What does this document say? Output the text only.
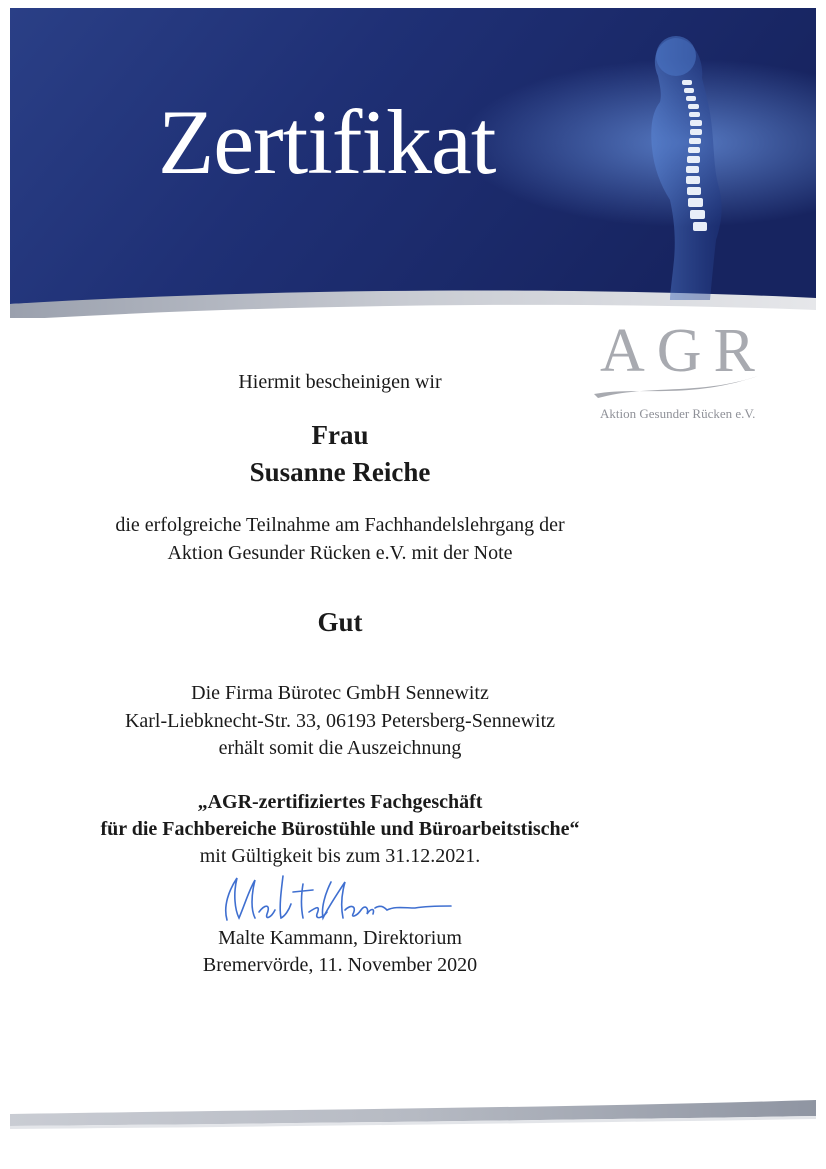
Zertifikat
AGR
Aktion Gesunder Rücken e.V.
Hiermit bescheinigen wir
Frau
Susanne Reiche
die erfolgreiche Teilnahme am Fachhandelslehrgang der
Aktion Gesunder Rücken e.V. mit der Note
Gut
Die Firma Bürotec GmbH Sennewitz
Karl-Liebknecht-Str. 33, 06193 Petersberg-Sennewitz
erhält somit die Auszeichnung
„AGR-zertifiziertes Fachgeschäft
für die Fachbereiche Bürostühle und Büroarbeitstische“
mit Gültigkeit bis zum 31.12.2021.
Malte Kammann, Direktorium
Bremervörde, 11. November 2020
